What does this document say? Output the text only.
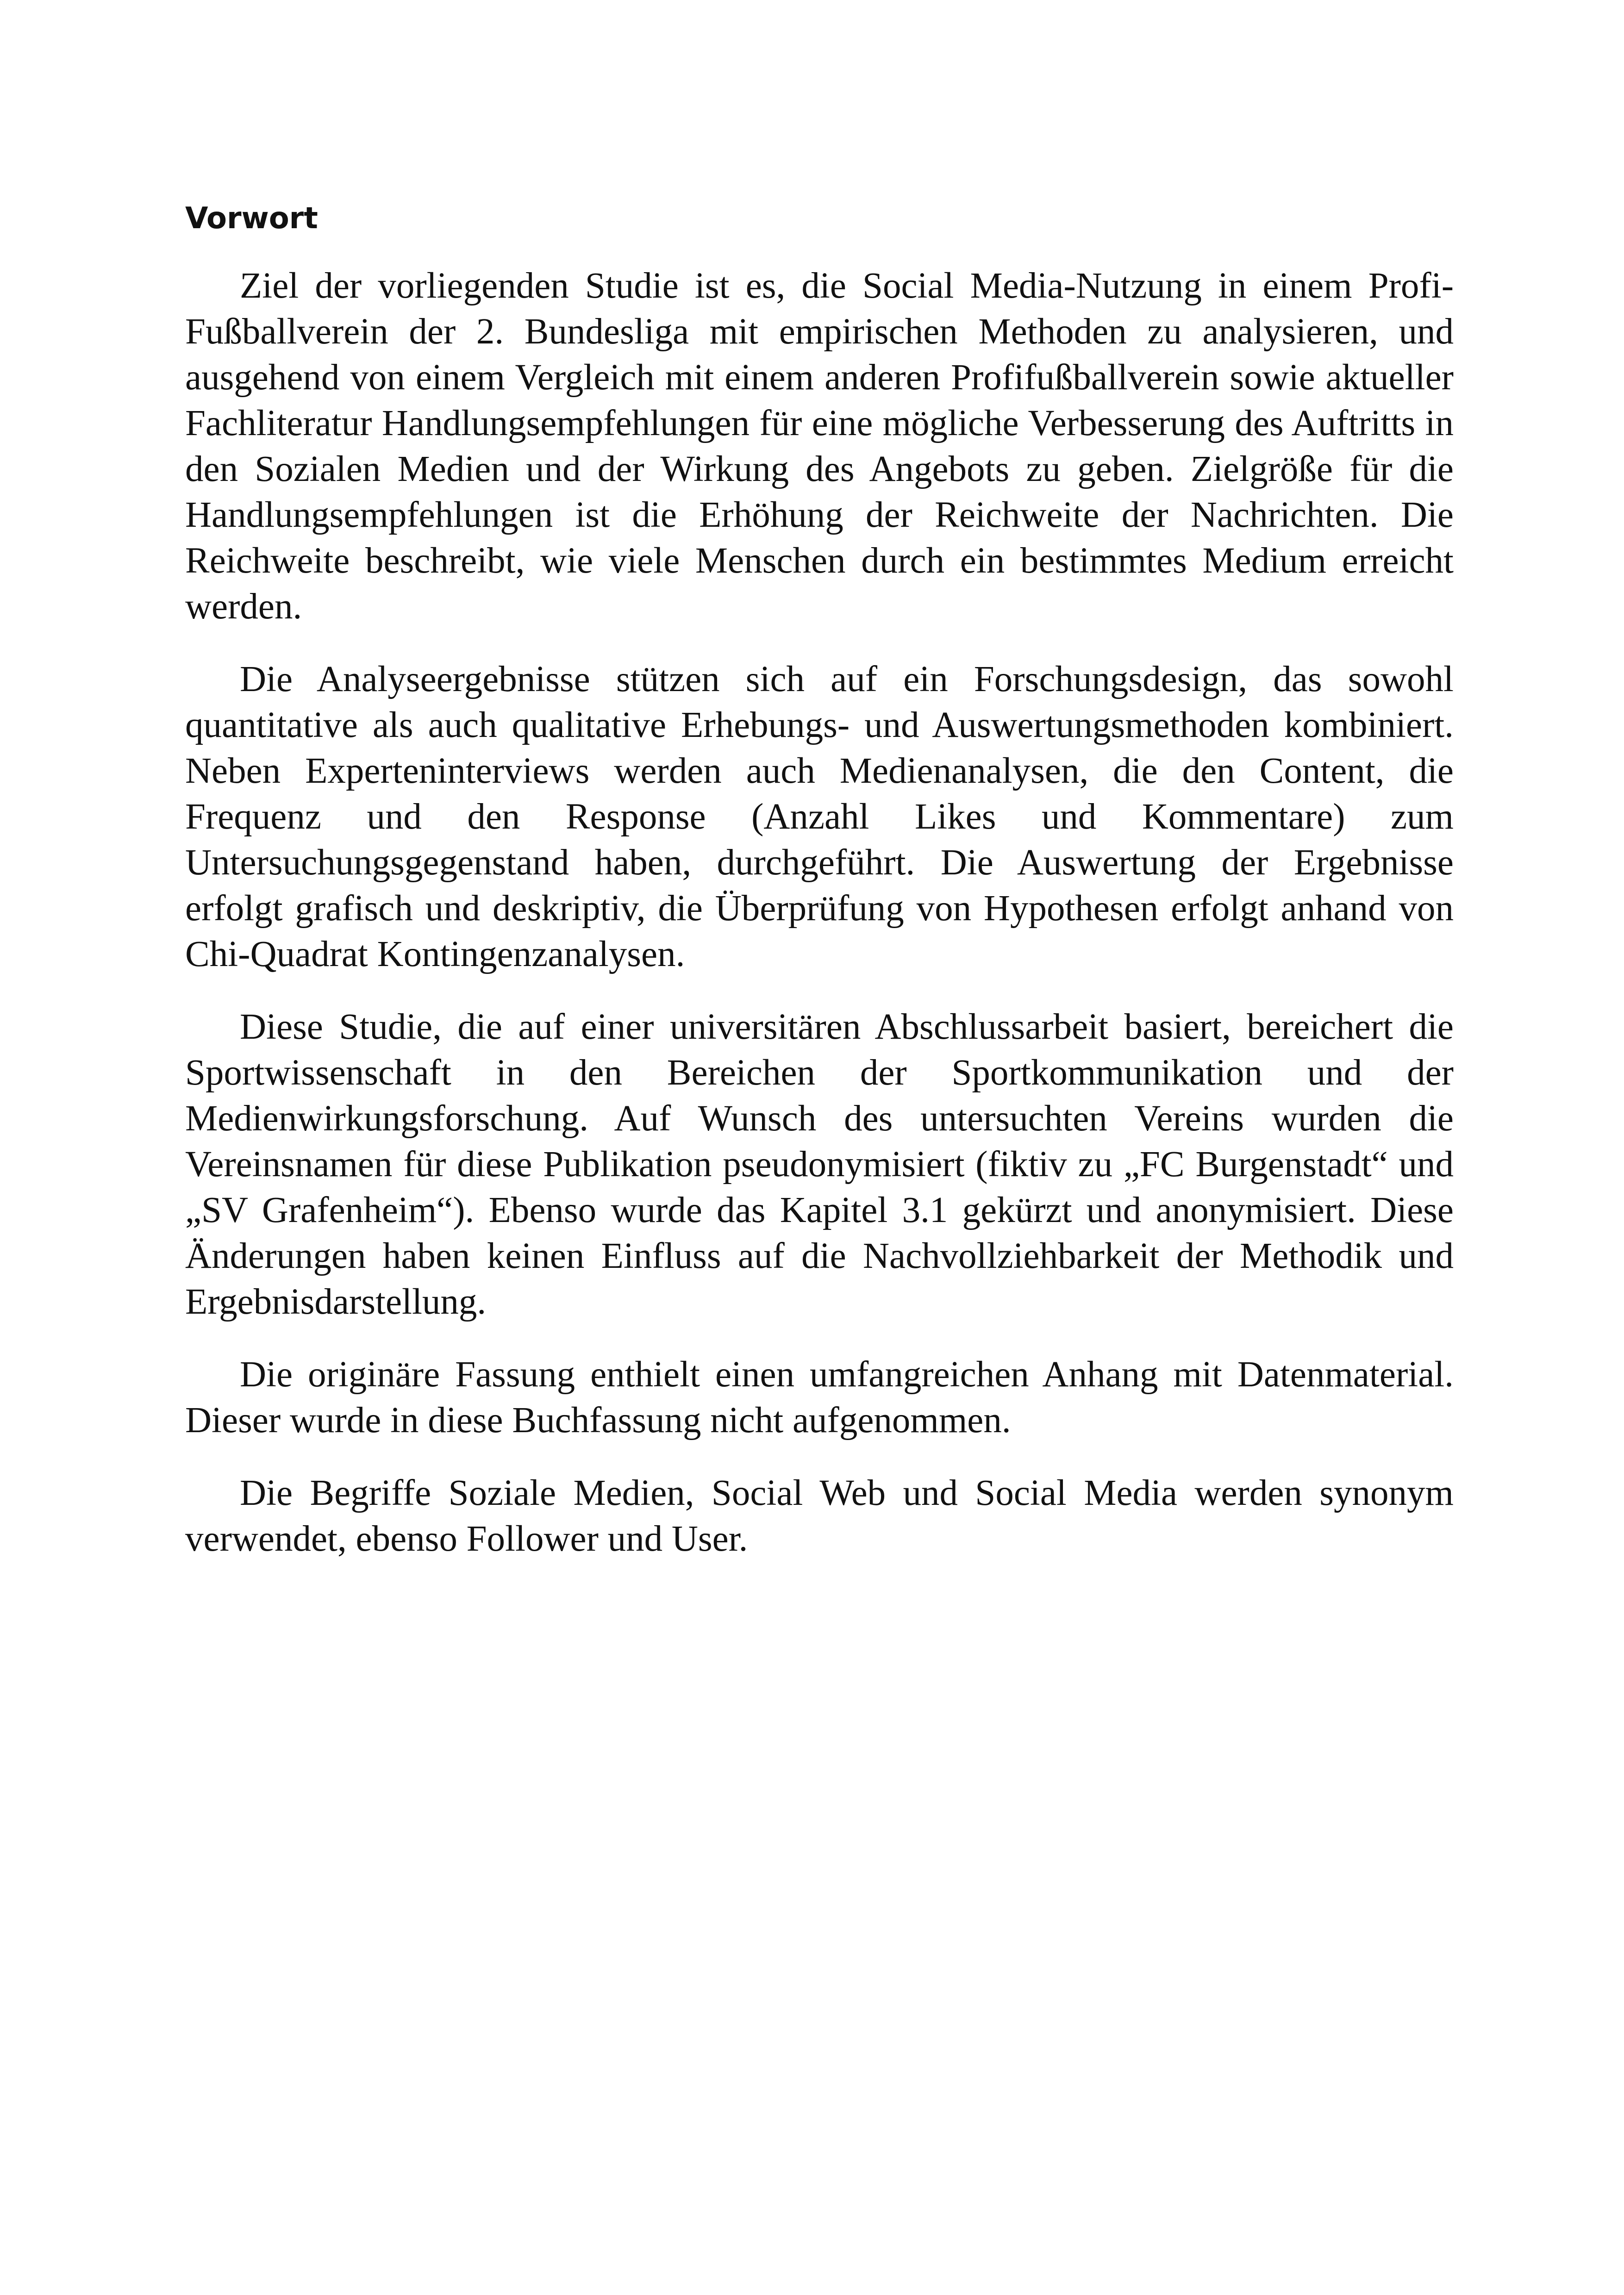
Vorwort

Ziel der vorliegenden Studie ist es, die Social Media-Nutzung in einem Profi-Fußballverein der 2. Bundesliga mit empirischen Methoden zu analysieren, und ausgehend von einem Vergleich mit einem anderen Profifußballverein sowie aktueller Fachliteratur Handlungsempfehlungen für eine mögliche Verbesserung des Auftritts in den Sozialen Medien und der Wirkung des Angebots zu geben. Zielgröße für die Handlungsempfehlungen ist die Erhöhung der Reichweite der Nachrichten. Die Reichweite beschreibt, wie viele Menschen durch ein bestimmtes Medium erreicht werden.

Die Analyseergebnisse stützen sich auf ein Forschungsdesign, das sowohl quantitative als auch qualitative Erhebungs- und Auswertungsmethoden kombiniert. Neben Experteninterviews werden auch Medienanalysen, die den Content, die Frequenz und den Response (Anzahl Likes und Kommentare) zum Untersuchungsgegenstand haben, durchgeführt. Die Auswertung der Ergebnisse erfolgt grafisch und deskriptiv, die Überprüfung von Hypothesen erfolgt anhand von Chi-Quadrat Kontingenzanalysen.

Diese Studie, die auf einer universitären Abschlussarbeit basiert, bereichert die Sportwissenschaft in den Bereichen der Sportkommunikation und der Medienwirkungsforschung. Auf Wunsch des untersuchten Vereins wurden die Vereinsnamen für diese Publikation pseudonymisiert (fiktiv zu „FC Burgenstadt“ und „SV Grafenheim“). Ebenso wurde das Kapitel 3.1 gekürzt und anonymisiert. Diese Änderungen haben keinen Einfluss auf die Nachvollziehbarkeit der Methodik und Ergebnisdarstellung.

Die originäre Fassung enthielt einen umfangreichen Anhang mit Datenmaterial. Dieser wurde in diese Buchfassung nicht aufgenommen.

Die Begriffe Soziale Medien, Social Web und Social Media werden synonym verwendet, ebenso Follower und User.
